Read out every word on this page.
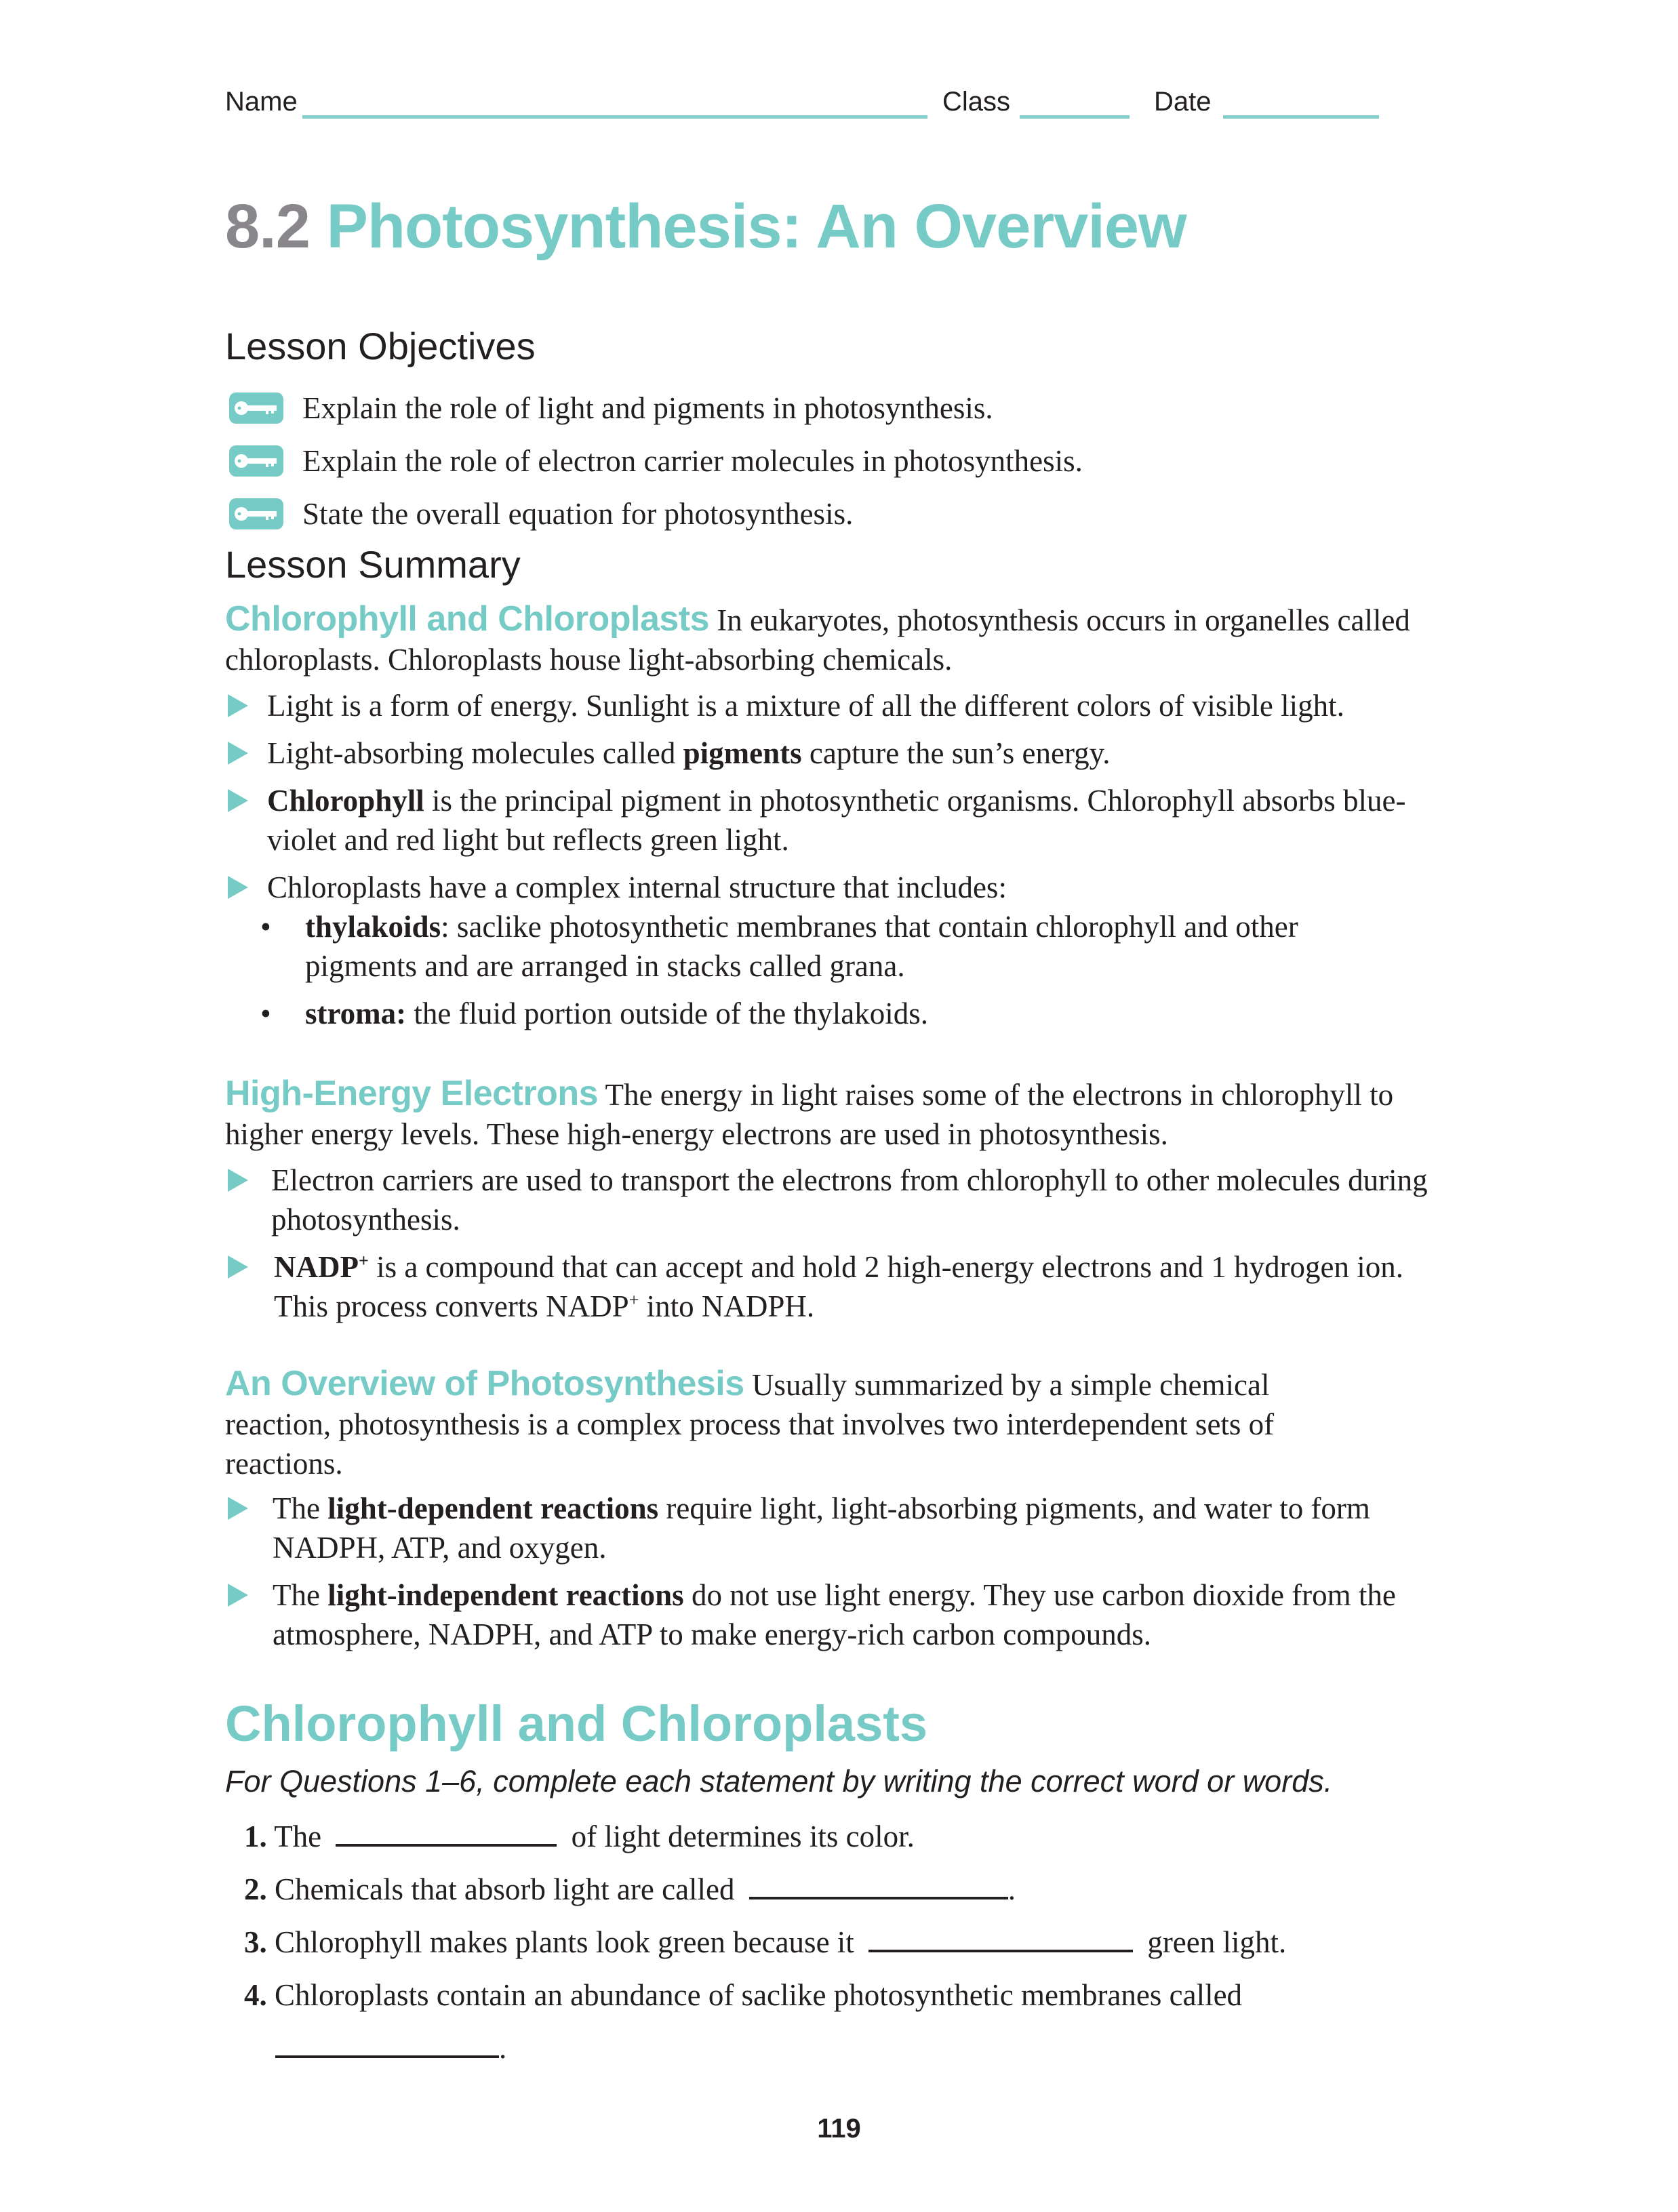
Name	Class	Date
8.2 Photosynthesis: An Overview
Lesson Objectives
Explain the role of light and pigments in photosynthesis.
Explain the role of electron carrier molecules in photosynthesis.
State the overall equation for photosynthesis.
Lesson Summary
Chlorophyll and Chloroplasts In eukaryotes, photosynthesis occurs in organelles called chloroplasts. Chloroplasts house light-absorbing chemicals.
Light is a form of energy. Sunlight is a mixture of all the different colors of visible light.
Light-absorbing molecules called pigments capture the sun’s energy.
Chlorophyll is the principal pigment in photosynthetic organisms. Chlorophyll absorbs blue-violet and red light but reflects green light.
Chloroplasts have a complex internal structure that includes:
•	thylakoids: saclike photosynthetic membranes that contain chlorophyll and other pigments and are arranged in stacks called grana.
•	stroma: the fluid portion outside of the thylakoids.
High-Energy Electrons The energy in light raises some of the electrons in chlorophyll to higher energy levels. These high-energy electrons are used in photosynthesis.
Electron carriers are used to transport the electrons from chlorophyll to other molecules during photosynthesis.
NADP+ is a compound that can accept and hold 2 high-energy electrons and 1 hydrogen ion. This process converts NADP+ into NADPH.
An Overview of Photosynthesis Usually summarized by a simple chemical reaction, photosynthesis is a complex process that involves two interdependent sets of reactions.
The light-dependent reactions require light, light-absorbing pigments, and water to form NADPH, ATP, and oxygen.
The light-independent reactions do not use light energy. They use carbon dioxide from the atmosphere, NADPH, and ATP to make energy-rich carbon compounds.
Chlorophyll and Chloroplasts
For Questions 1–6, complete each statement by writing the correct word or words.
1. The	of light determines its color.
2. Chemicals that absorb light are called	.
3. Chlorophyll makes plants look green because it	green light.
4. Chloroplasts contain an abundance of saclike photosynthetic membranes called
.
119
